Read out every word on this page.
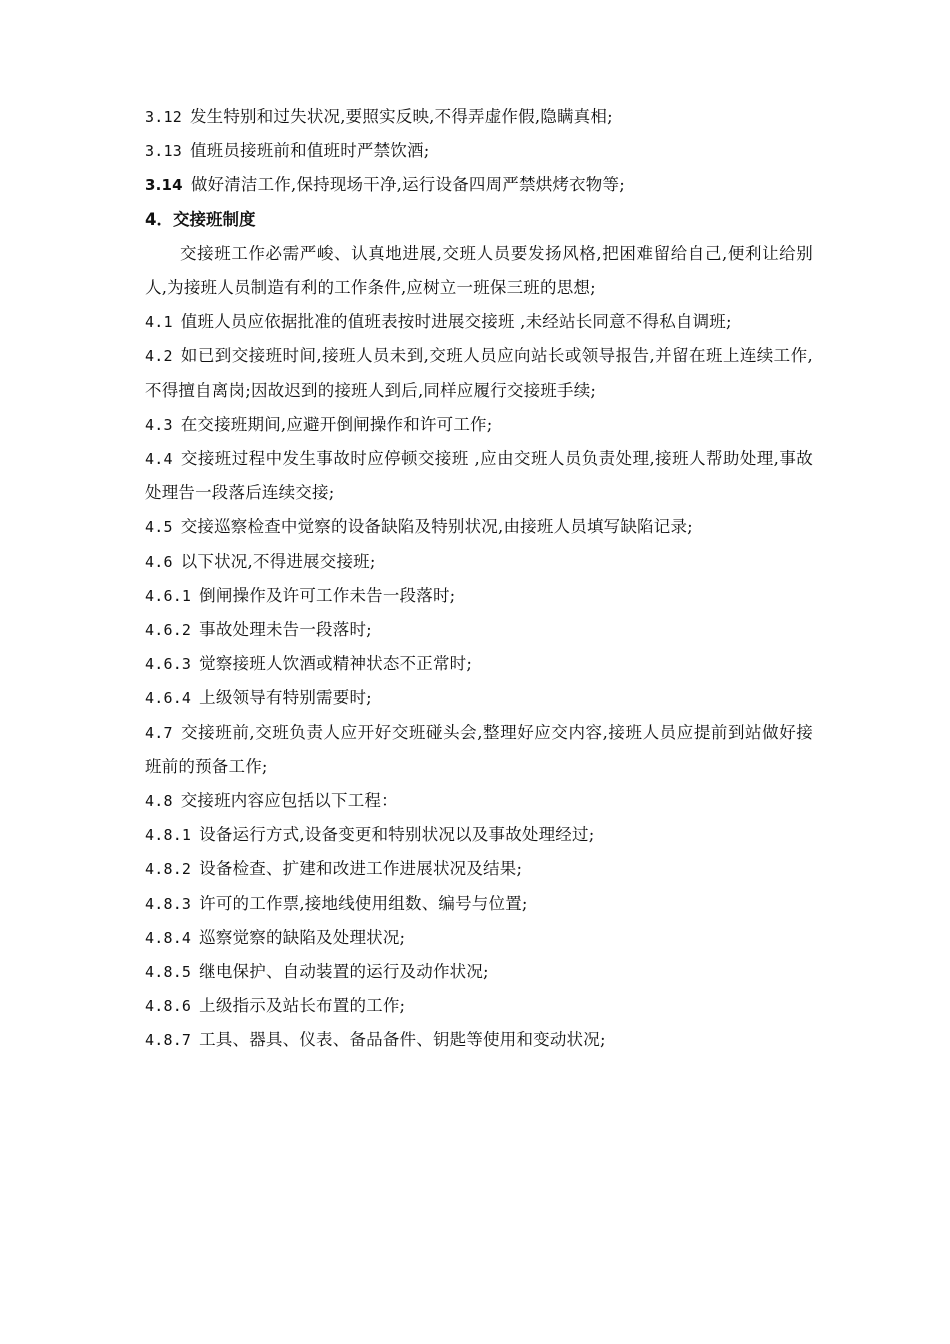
3.12 发生特别和过失状况,要照实反映,不得弄虚作假,隐瞒真相;
3.13 值班员接班前和值班时严禁饮酒;
3.14 做好清洁工作,保持现场干净,运行设备四周严禁烘烤衣物等;
4．交接班制度
交接班工作必需严峻、认真地进展,交班人员要发扬风格,把困难留给自己,便利让给别人,为接班人员制造有利的工作条件,应树立一班保三班的思想;
4.1 值班人员应依据批准的值班表按时进展交接班 ,未经站长同意不得私自调班;
4.2 如已到交接班时间,接班人员未到,交班人员应向站长或领导报告,并留在班上连续工作,不得擅自离岗;因故迟到的接班人到后,同样应履行交接班手续;
4.3 在交接班期间,应避开倒闸操作和许可工作;
4.4 交接班过程中发生事故时应停顿交接班 ,应由交班人员负责处理,接班人帮助处理,事故处理告一段落后连续交接;
4.5 交接巡察检查中觉察的设备缺陷及特别状况,由接班人员填写缺陷记录;
4.6 以下状况,不得进展交接班;
4.6.1 倒闸操作及许可工作未告一段落时;
4.6.2 事故处理未告一段落时;
4.6.3 觉察接班人饮酒或精神状态不正常时;
4.6.4 上级领导有特别需要时;
4.7 交接班前,交班负责人应开好交班碰头会,整理好应交内容,接班人员应提前到站做好接班前的预备工作;
4.8 交接班内容应包括以下工程：
4.8.1 设备运行方式,设备变更和特别状况以及事故处理经过;
4.8.2 设备检查、扩建和改进工作进展状况及结果;
4.8.3 许可的工作票,接地线使用组数、编号与位置;
4.8.4 巡察觉察的缺陷及处理状况;
4.8.5 继电保护、自动装置的运行及动作状况;
4.8.6 上级指示及站长布置的工作;
4.8.7 工具、器具、仪表、备品备件、钥匙等使用和变动状况;
